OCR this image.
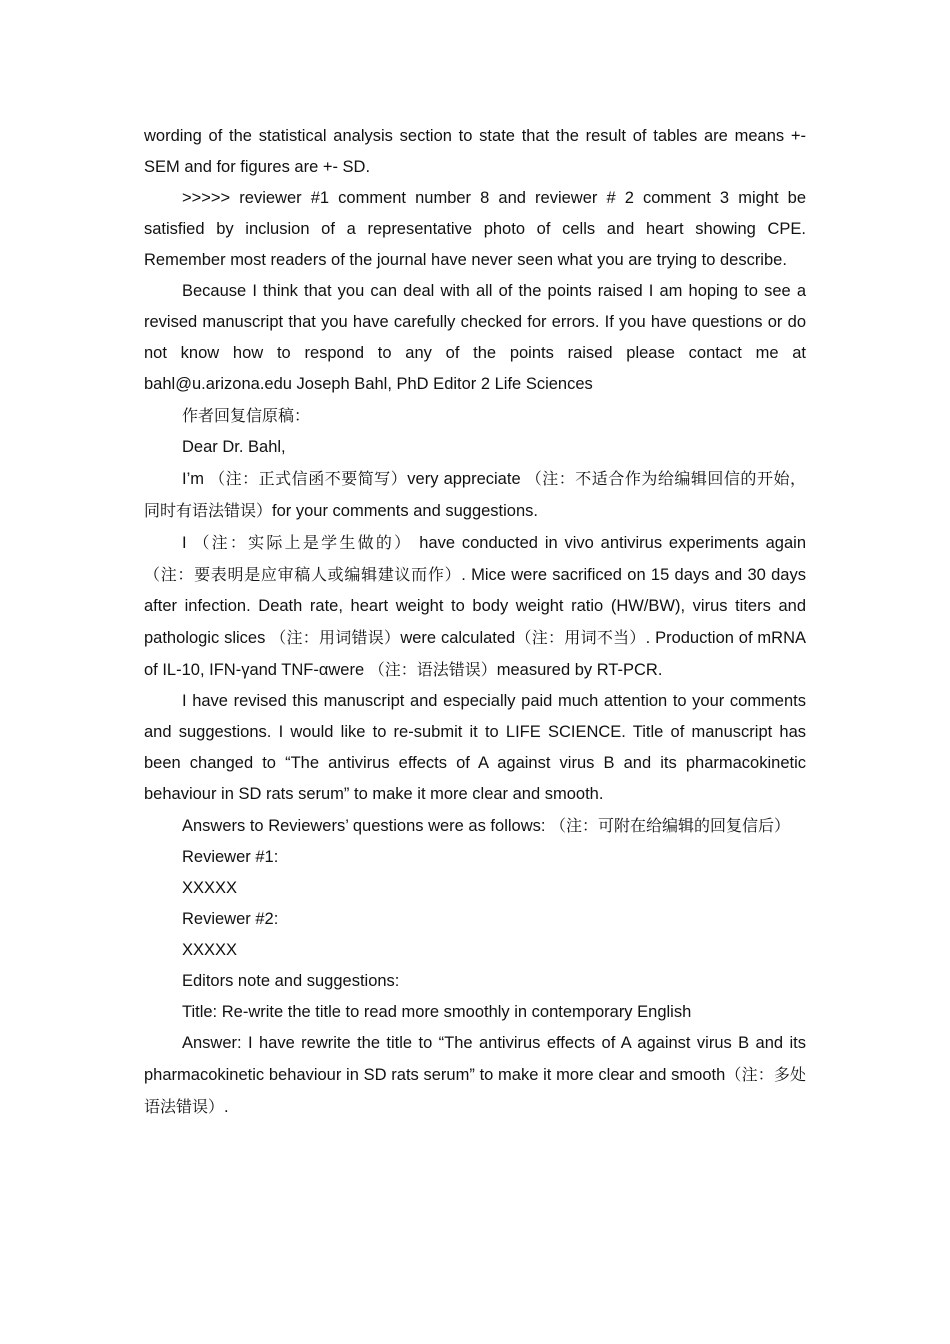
wording of the statistical analysis section to state that the result of tables are means +-SEM and for figures are +- SD.

>>>>> reviewer #1 comment number 8 and reviewer # 2 comment 3 might be satisfied by inclusion of a representative photo of cells and heart showing CPE. Remember most readers of the journal have never seen what you are trying to describe.

Because I think that you can deal with all of the points raised I am hoping to see a revised manuscript that you have carefully checked for errors. If you have questions or do not know how to respond to any of the points raised please contact me at bahl@u.arizona.edu Joseph Bahl, PhD Editor 2 Life Sciences

作者回复信原稿：

Dear Dr. Bahl,

I’m （注：正式信函不要简写）very appreciate （注：不适合作为给编辑回信的开始，同时有语法错误）for your comments and suggestions.

I （注：实际上是学生做的） have conducted in vivo antivirus experiments again （注：要表明是应审稿人或编辑建议而作）. Mice were sacrificed on 15 days and 30 days after infection. Death rate, heart weight to body weight ratio (HW/BW), virus titers and pathologic slices （注：用词错误）were calculated（注：用词不当）. Production of mRNA of IL-10, IFN-γand TNF-αwere （注：语法错误）measured by RT-PCR.

I have revised this manuscript and especially paid much attention to your comments and suggestions. I would like to re-submit it to LIFE SCIENCE. Title of manuscript has been changed to “The antivirus effects of A against virus B and its pharmacokinetic behaviour in SD rats serum” to make it more clear and smooth.

Answers to Reviewers’ questions were as follows: （注：可附在给编辑的回复信后）

Reviewer #1:

XXXXX

Reviewer #2:

XXXXX

Editors note and suggestions:

Title: Re-write the title to read more smoothly in contemporary English

Answer: I have rewrite the title to “The antivirus effects of A against virus B and its pharmacokinetic behaviour in SD rats serum” to make it more clear and smooth（注：多处语法错误）.
